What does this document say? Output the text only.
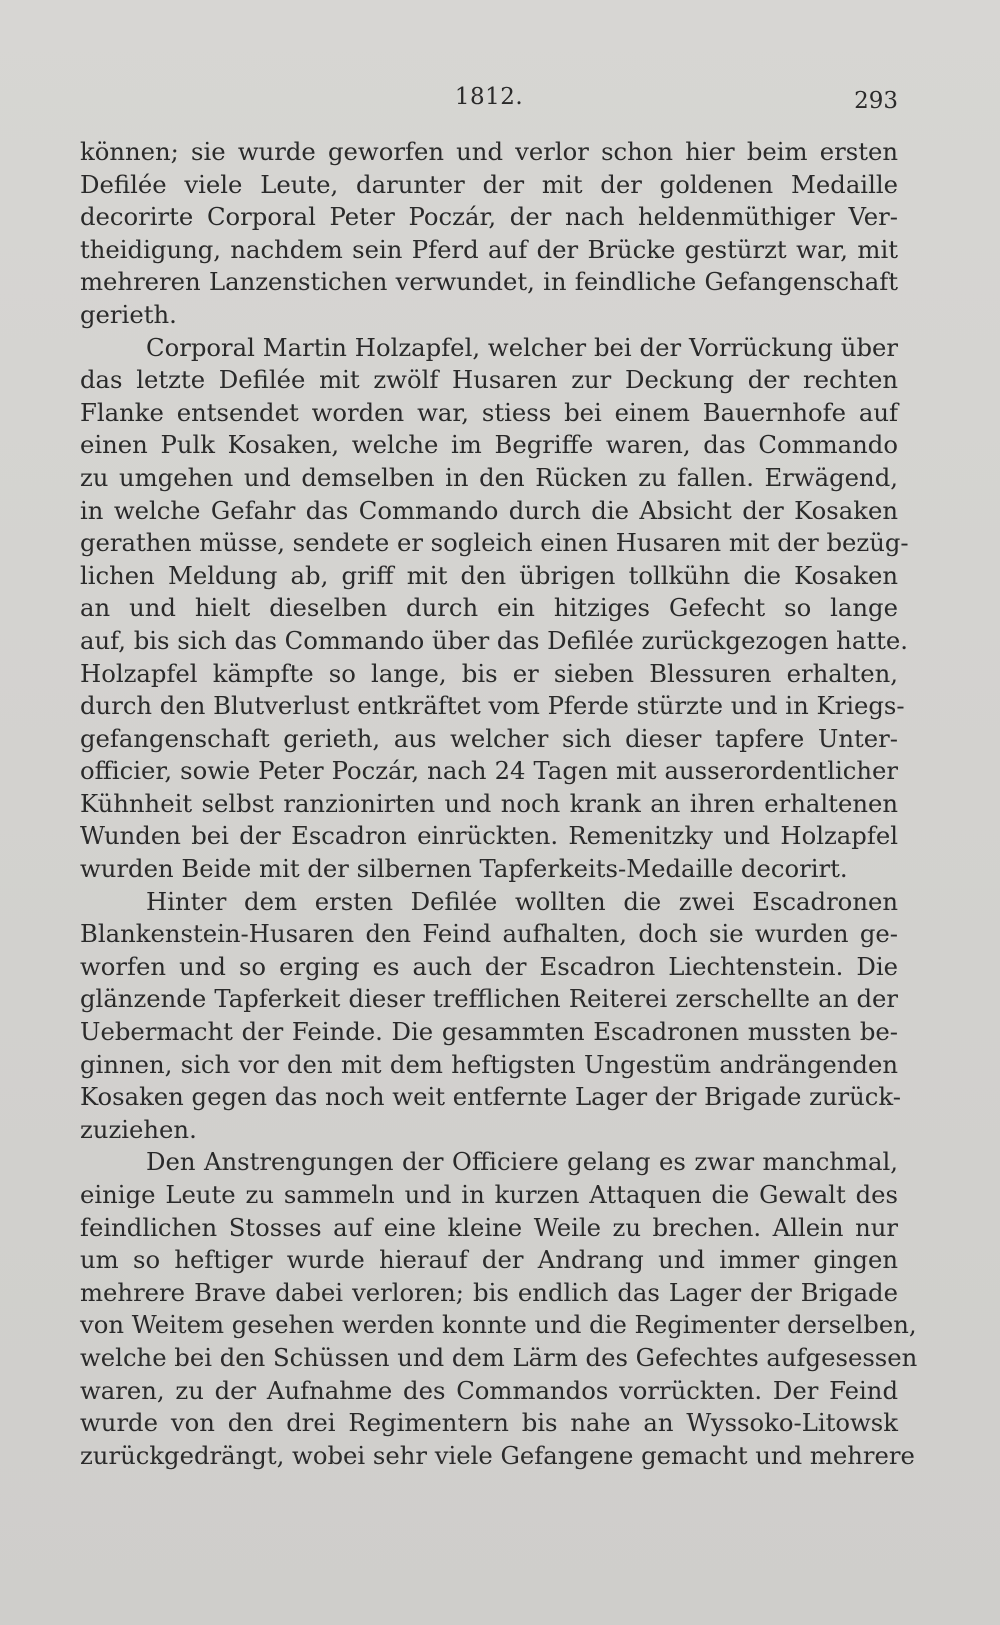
1812.	293
können; sie wurde geworfen und verlor schon hier beim ersten
Defilée viele Leute, darunter der mit der goldenen Medaille
decorirte Corporal Peter Poczár, der nach heldenmüthiger Ver-
theidigung, nachdem sein Pferd auf der Brücke gestürzt war, mit
mehreren Lanzenstichen verwundet, in feindliche Gefangenschaft
gerieth.
Corporal Martin Holzapfel, welcher bei der Vorrückung über
das letzte Defilée mit zwölf Husaren zur Deckung der rechten
Flanke entsendet worden war, stiess bei einem Bauernhofe auf
einen Pulk Kosaken, welche im Begriffe waren, das Commando
zu umgehen und demselben in den Rücken zu fallen. Erwägend,
in welche Gefahr das Commando durch die Absicht der Kosaken
gerathen müsse, sendete er sogleich einen Husaren mit der bezüg-
lichen Meldung ab, griff mit den übrigen tollkühn die Kosaken
an und hielt dieselben durch ein hitziges Gefecht so lange
auf, bis sich das Commando über das Defilée zurückgezogen hatte.
Holzapfel kämpfte so lange, bis er sieben Blessuren erhalten,
durch den Blutverlust entkräftet vom Pferde stürzte und in Kriegs-
gefangenschaft gerieth, aus welcher sich dieser tapfere Unter-
officier, sowie Peter Poczár, nach 24 Tagen mit ausserordentlicher
Kühnheit selbst ranzionirten und noch krank an ihren erhaltenen
Wunden bei der Escadron einrückten. Remenitzky und Holzapfel
wurden Beide mit der silbernen Tapferkeits-Medaille decorirt.
Hinter dem ersten Defilée wollten die zwei Escadronen
Blankenstein-Husaren den Feind aufhalten, doch sie wurden ge-
worfen und so erging es auch der Escadron Liechtenstein. Die
glänzende Tapferkeit dieser trefflichen Reiterei zerschellte an der
Uebermacht der Feinde. Die gesammten Escadronen mussten be-
ginnen, sich vor den mit dem heftigsten Ungestüm andrängenden
Kosaken gegen das noch weit entfernte Lager der Brigade zurück-
zuziehen.
Den Anstrengungen der Officiere gelang es zwar manchmal,
einige Leute zu sammeln und in kurzen Attaquen die Gewalt des
feindlichen Stosses auf eine kleine Weile zu brechen. Allein nur
um so heftiger wurde hierauf der Andrang und immer gingen
mehrere Brave dabei verloren; bis endlich das Lager der Brigade
von Weitem gesehen werden konnte und die Regimenter derselben,
welche bei den Schüssen und dem Lärm des Gefechtes aufgesessen
waren, zu der Aufnahme des Commandos vorrückten. Der Feind
wurde von den drei Regimentern bis nahe an Wyssoko-Litowsk
zurückgedrängt, wobei sehr viele Gefangene gemacht und mehrere
